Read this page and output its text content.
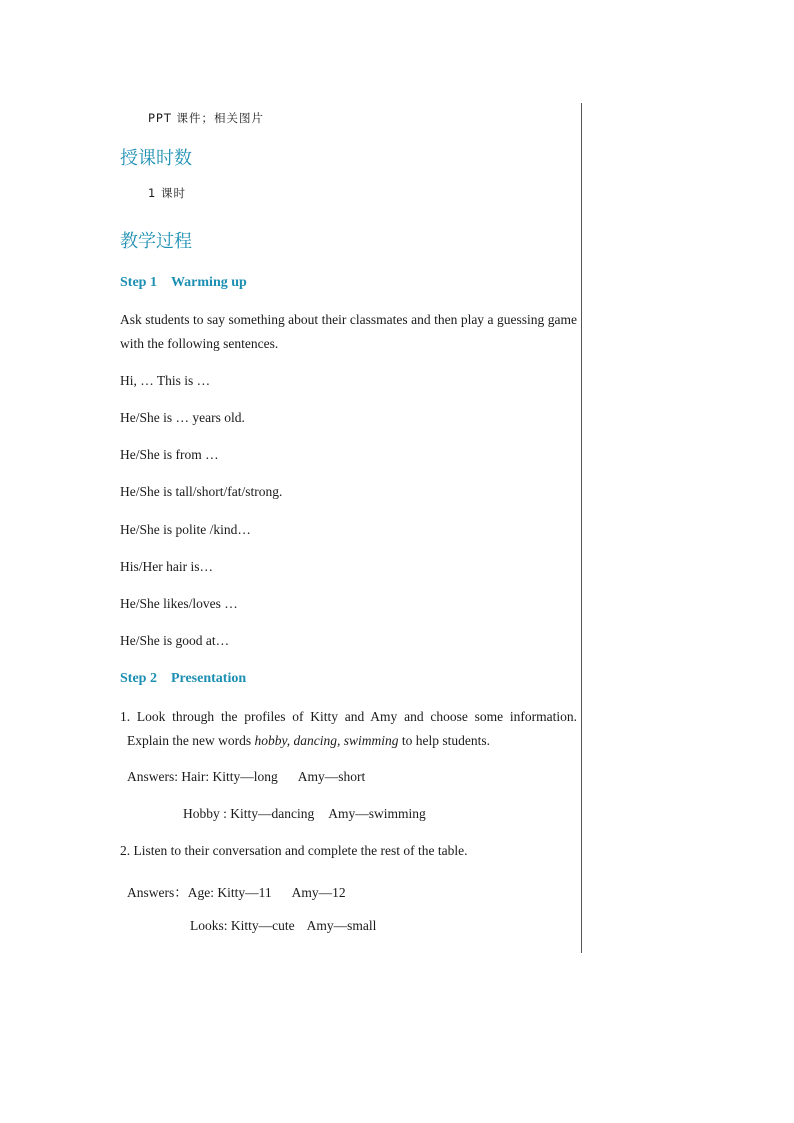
PPT 课件；相关图片
授课时数
1 课时
教学过程
Step 1 Warming up
Ask students to say something about their classmates and then play a guessing game with the following sentences.
Hi, … This is …
He/She is … years old.
He/She is from …
He/She is tall/short/fat/strong.
He/She is polite /kind…
His/Her hair is…
He/She likes/loves …
He/She is good at…
Step 2 Presentation
1. Look through the profiles of Kitty and Amy and choose some information.
Explain the new words hobby, dancing, swimming to help students.
Answers: Hair: Kitty—long Amy—short
Hobby : Kitty—dancing Amy—swimming
2. Listen to their conversation and complete the rest of the table.
Answers：Age: Kitty—11 Amy—12
Looks: Kitty—cute Amy—small
